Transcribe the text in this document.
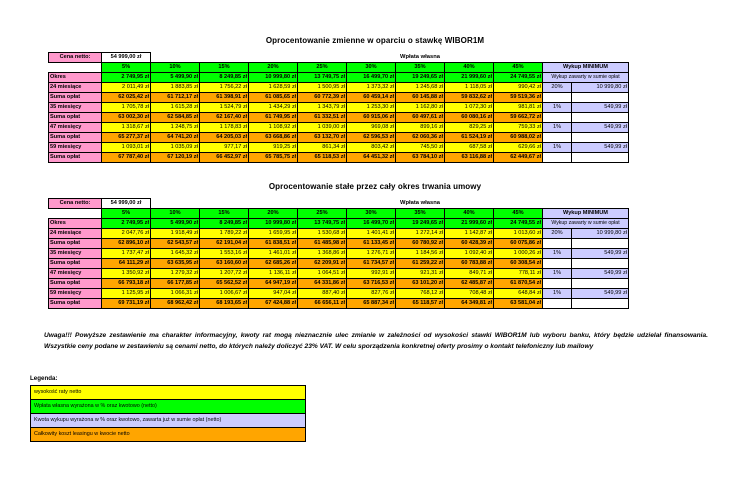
Oprocentowanie zmienne w oparciu o stawkę WIBOR1M
Cena netto:	54 999,00 zł				Wpłata własna						

	5%	10%	15%	20%	25%	30%	35%	40%	45%	Wykup MINIMUM	
Okres	2 749,95 zł	5 499,90 zł	8 249,85 zł	10 999,80 zł	13 749,75 zł	16 499,70 zł	19 249,65 zł	21 999,60 zł	24 749,55 zł	Wykup zawarty w sumie opłat	
24 miesiące	2 011,49 zł	1 883,85 zł	1 756,22 zł	1 628,59 zł	1 500,95 zł	1 373,32 zł	1 245,68 zł	1 118,05 zł	990,42 zł	20%	10 999,80 zł
Suma opłat	62 025,42 zł	61 712,17 zł	61 398,91 zł	61 085,65 zł	60 772,39 zł	60 459,14 zł	60 145,88 zł	59 832,62 zł	59 519,36 zł		
35 miesięcy	1 705,78 zł	1 615,28 zł	1 524,79 zł	1 434,29 zł	1 343,79 zł	1 253,30 zł	1 162,80 zł	1 072,30 zł	981,81 zł	1%	549,99 zł
Suma opłat	63 002,30 zł	62 584,85 zł	62 167,40 zł	61 749,95 zł	61 332,51 zł	60 915,06 zł	60 497,61 zł	60 080,16 zł	59 662,72 zł		
47 miesięcy	1 318,67 zł	1 248,75 zł	1 178,83 zł	1 108,92 zł	1 039,00 zł	969,08 zł	899,16 zł	829,25 zł	759,33 zł	1%	549,99 zł
Suma opłat	65 277,37 zł	64 741,20 zł	64 205,03 zł	63 668,86 zł	63 132,70 zł	62 596,53 zł	62 060,36 zł	61 524,19 zł	60 988,02 zł		
59 miesięcy	1 093,01 zł	1 035,09 zł	977,17 zł	919,25 zł	861,34 zł	803,42 zł	745,50 zł	687,58 zł	629,66 zł	1%	549,99 zł
Suma opłat	67 787,40 zł	67 120,19 zł	66 452,97 zł	65 785,75 zł	65 118,53 zł	64 451,32 zł	63 784,10 zł	63 116,88 zł	62 449,67 zł		
Oprocentowanie stałe przez cały okres trwania umowy
Cena netto:	54 999,00 zł				Wpłata własna						

	5%	10%	15%	20%	25%	30%	35%	40%	45%	Wykup MINIMUM	
Okres	2 749,95 zł	5 499,90 zł	8 249,85 zł	10 999,80 zł	13 749,75 zł	16 499,70 zł	19 249,65 zł	21 999,60 zł	24 749,55 zł	Wykup zawarty w sumie opłat	
24 miesiące	2 047,76 zł	1 918,49 zł	1 789,22 zł	1 659,95 zł	1 530,68 zł	1 401,41 zł	1 272,14 zł	1 142,87 zł	1 013,60 zł	20%	10 999,80 zł
Suma opłat	62 896,10 zł	62 543,57 zł	62 191,04 zł	61 838,51 zł	61 485,98 zł	61 133,45 zł	60 780,92 zł	60 428,39 zł	60 075,86 zł		
35 miesięcy	1 737,47 zł	1 645,32 zł	1 553,16 zł	1 461,01 zł	1 368,86 zł	1 276,71 zł	1 184,56 zł	1 092,40 zł	1 000,26 zł	1%	549,99 zł
Suma opłat	64 111,29 zł	63 635,95 zł	63 160,60 zł	62 685,26 zł	62 209,91 zł	61 734,57 zł	61 259,22 zł	60 783,88 zł	60 308,54 zł		
47 miesięcy	1 350,92 zł	1 279,32 zł	1 207,72 zł	1 136,11 zł	1 064,51 zł	992,91 zł	921,31 zł	849,71 zł	778,11 zł	1%	549,99 zł
Suma opłat	66 793,18 zł	66 177,85 zł	65 562,52 zł	64 947,19 zł	64 331,86 zł	63 716,53 zł	63 101,20 zł	62 485,87 zł	61 870,54 zł		
59 miesięcy	1 125,95 zł	1 066,31 zł	1 006,67 zł	947,04 zł	887,40 zł	827,76 zł	768,12 zł	708,48 zł	648,84 zł	1%	549,99 zł
Suma opłat	69 731,19 zł	68 962,42 zł	68 193,65 zł	67 424,88 zł	66 656,11 zł	65 887,34 zł	65 118,57 zł	64 349,81 zł	63 581,04 zł		
Uwaga!!! Powyższe zestawienie ma charakter informacyjny, kwoty rat mogą nieznacznie ulec zmianie w zależności od wysokości stawki WIBOR1M lub wyboru banku, który będzie udzielał finansowania. Wszystkie ceny podane w zestawieniu są cenami netto, do których należy doliczyć 23% VAT. W celu sporządzenia konkretnej oferty prosimy o kontakt telefoniczny lub mailowy
Legenda:
wysokość raty netto
Wpłata własna wyrażona w % oraz kwotowo (netto)
Kwota wykupu wyrażona w % oraz kwotowo, zawarta już w sumie opłat (netto)
Całkowity koszt leasingu w kwocie netto
